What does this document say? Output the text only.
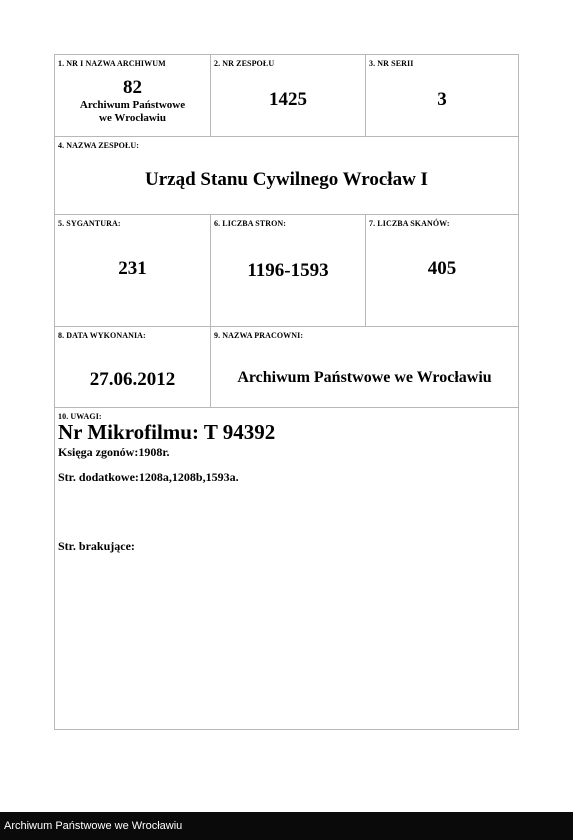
1. NR I NAZWA ARCHIWUM
82
Archiwum Państwowe
we Wrocławiu
2. NR ZESPOŁU
1425
3. NR SERII
3
4. NAZWA ZESPOŁU:
Urząd Stanu Cywilnego Wrocław I
5. SYGANTURA:
231
6. LICZBA STRON:
1196-1593
7. LICZBA SKANÓW:
405
8. DATA WYKONANIA:
27.06.2012
9. NAZWA PRACOWNI:
Archiwum Państwowe we Wrocławiu
10. UWAGI:
Nr Mikrofilmu: T 94392
Księga zgonów:1908r.
Str. dodatkowe:1208a,1208b,1593a.
Str. brakujące:
Archiwum Państwowe we Wrocławiu
